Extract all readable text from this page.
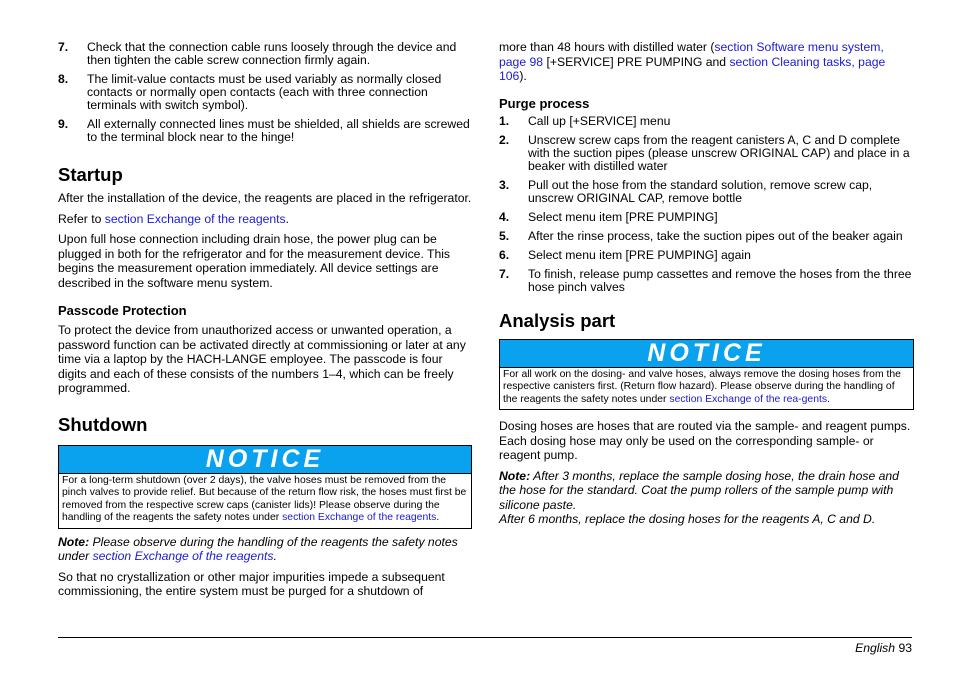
7. Check that the connection cable runs loosely through the device and then tighten the cable screw connection firmly again.
8. The limit-value contacts must be used variably as normally closed contacts or normally open contacts (each with three connection terminals with switch symbol).
9. All externally connected lines must be shielded, all shields are screwed to the terminal block near to the hinge!
Startup

After the installation of the device, the reagents are placed in the refrigerator.

Refer to section Exchange of the reagents.

Upon full hose connection including drain hose, the power plug can be plugged in both for the refrigerator and for the measurement device. This begins the measurement operation immediately. All device settings are described in the software menu system.

Passcode Protection

To protect the device from unauthorized access or unwanted operation, a password function can be activated directly at commissioning or later at any time via a laptop by the HACH-LANGE employee. The passcode is four digits and each of these consists of the numbers 1–4, which can be freely programmed.

Shutdown
NOTICE
For a long-term shutdown (over 2 days), the valve hoses must be removed from the pinch valves to provide relief. But because of the return flow risk, the hoses must first be removed from the respective screw caps (canister lids)! Please observe during the handling of the reagents the safety notes under section Exchange of the reagents.

Note: Please observe during the handling of the reagents the safety notes under section Exchange of the reagents.

So that no crystallization or other major impurities impede a subsequent commissioning, the entire system must be purged for a shutdown of

more than 48 hours with distilled water (section Software menu system, page 98 [+SERVICE] PRE PUMPING and section Cleaning tasks, page 106).

Purge process
1. Call up [+SERVICE] menu
2. Unscrew screw caps from the reagent canisters A, C and D complete with the suction pipes (please unscrew ORIGINAL CAP) and place in a beaker with distilled water
3. Pull out the hose from the standard solution, remove screw cap, unscrew ORIGINAL CAP, remove bottle
4. Select menu item [PRE PUMPING]
5. After the rinse process, take the suction pipes out of the beaker again
6. Select menu item [PRE PUMPING] again
7. To finish, release pump cassettes and remove the hoses from the three hose pinch valves
Analysis part
NOTICE
For all work on the dosing- and valve hoses, always remove the dosing hoses from the respective canisters first. (Return flow hazard). Please observe during the handling of the reagents the safety notes under section Exchange of the rea-gents.

Dosing hoses are hoses that are routed via the sample- and reagent pumps. Each dosing hose may only be used on the corresponding sample- or reagent pump.

Note: After 3 months, replace the sample dosing hose, the drain hose and the hose for the standard. Coat the pump rollers of the sample pump with silicone paste.

After 6 months, replace the dosing hoses for the reagents A, C and D.

English 93
